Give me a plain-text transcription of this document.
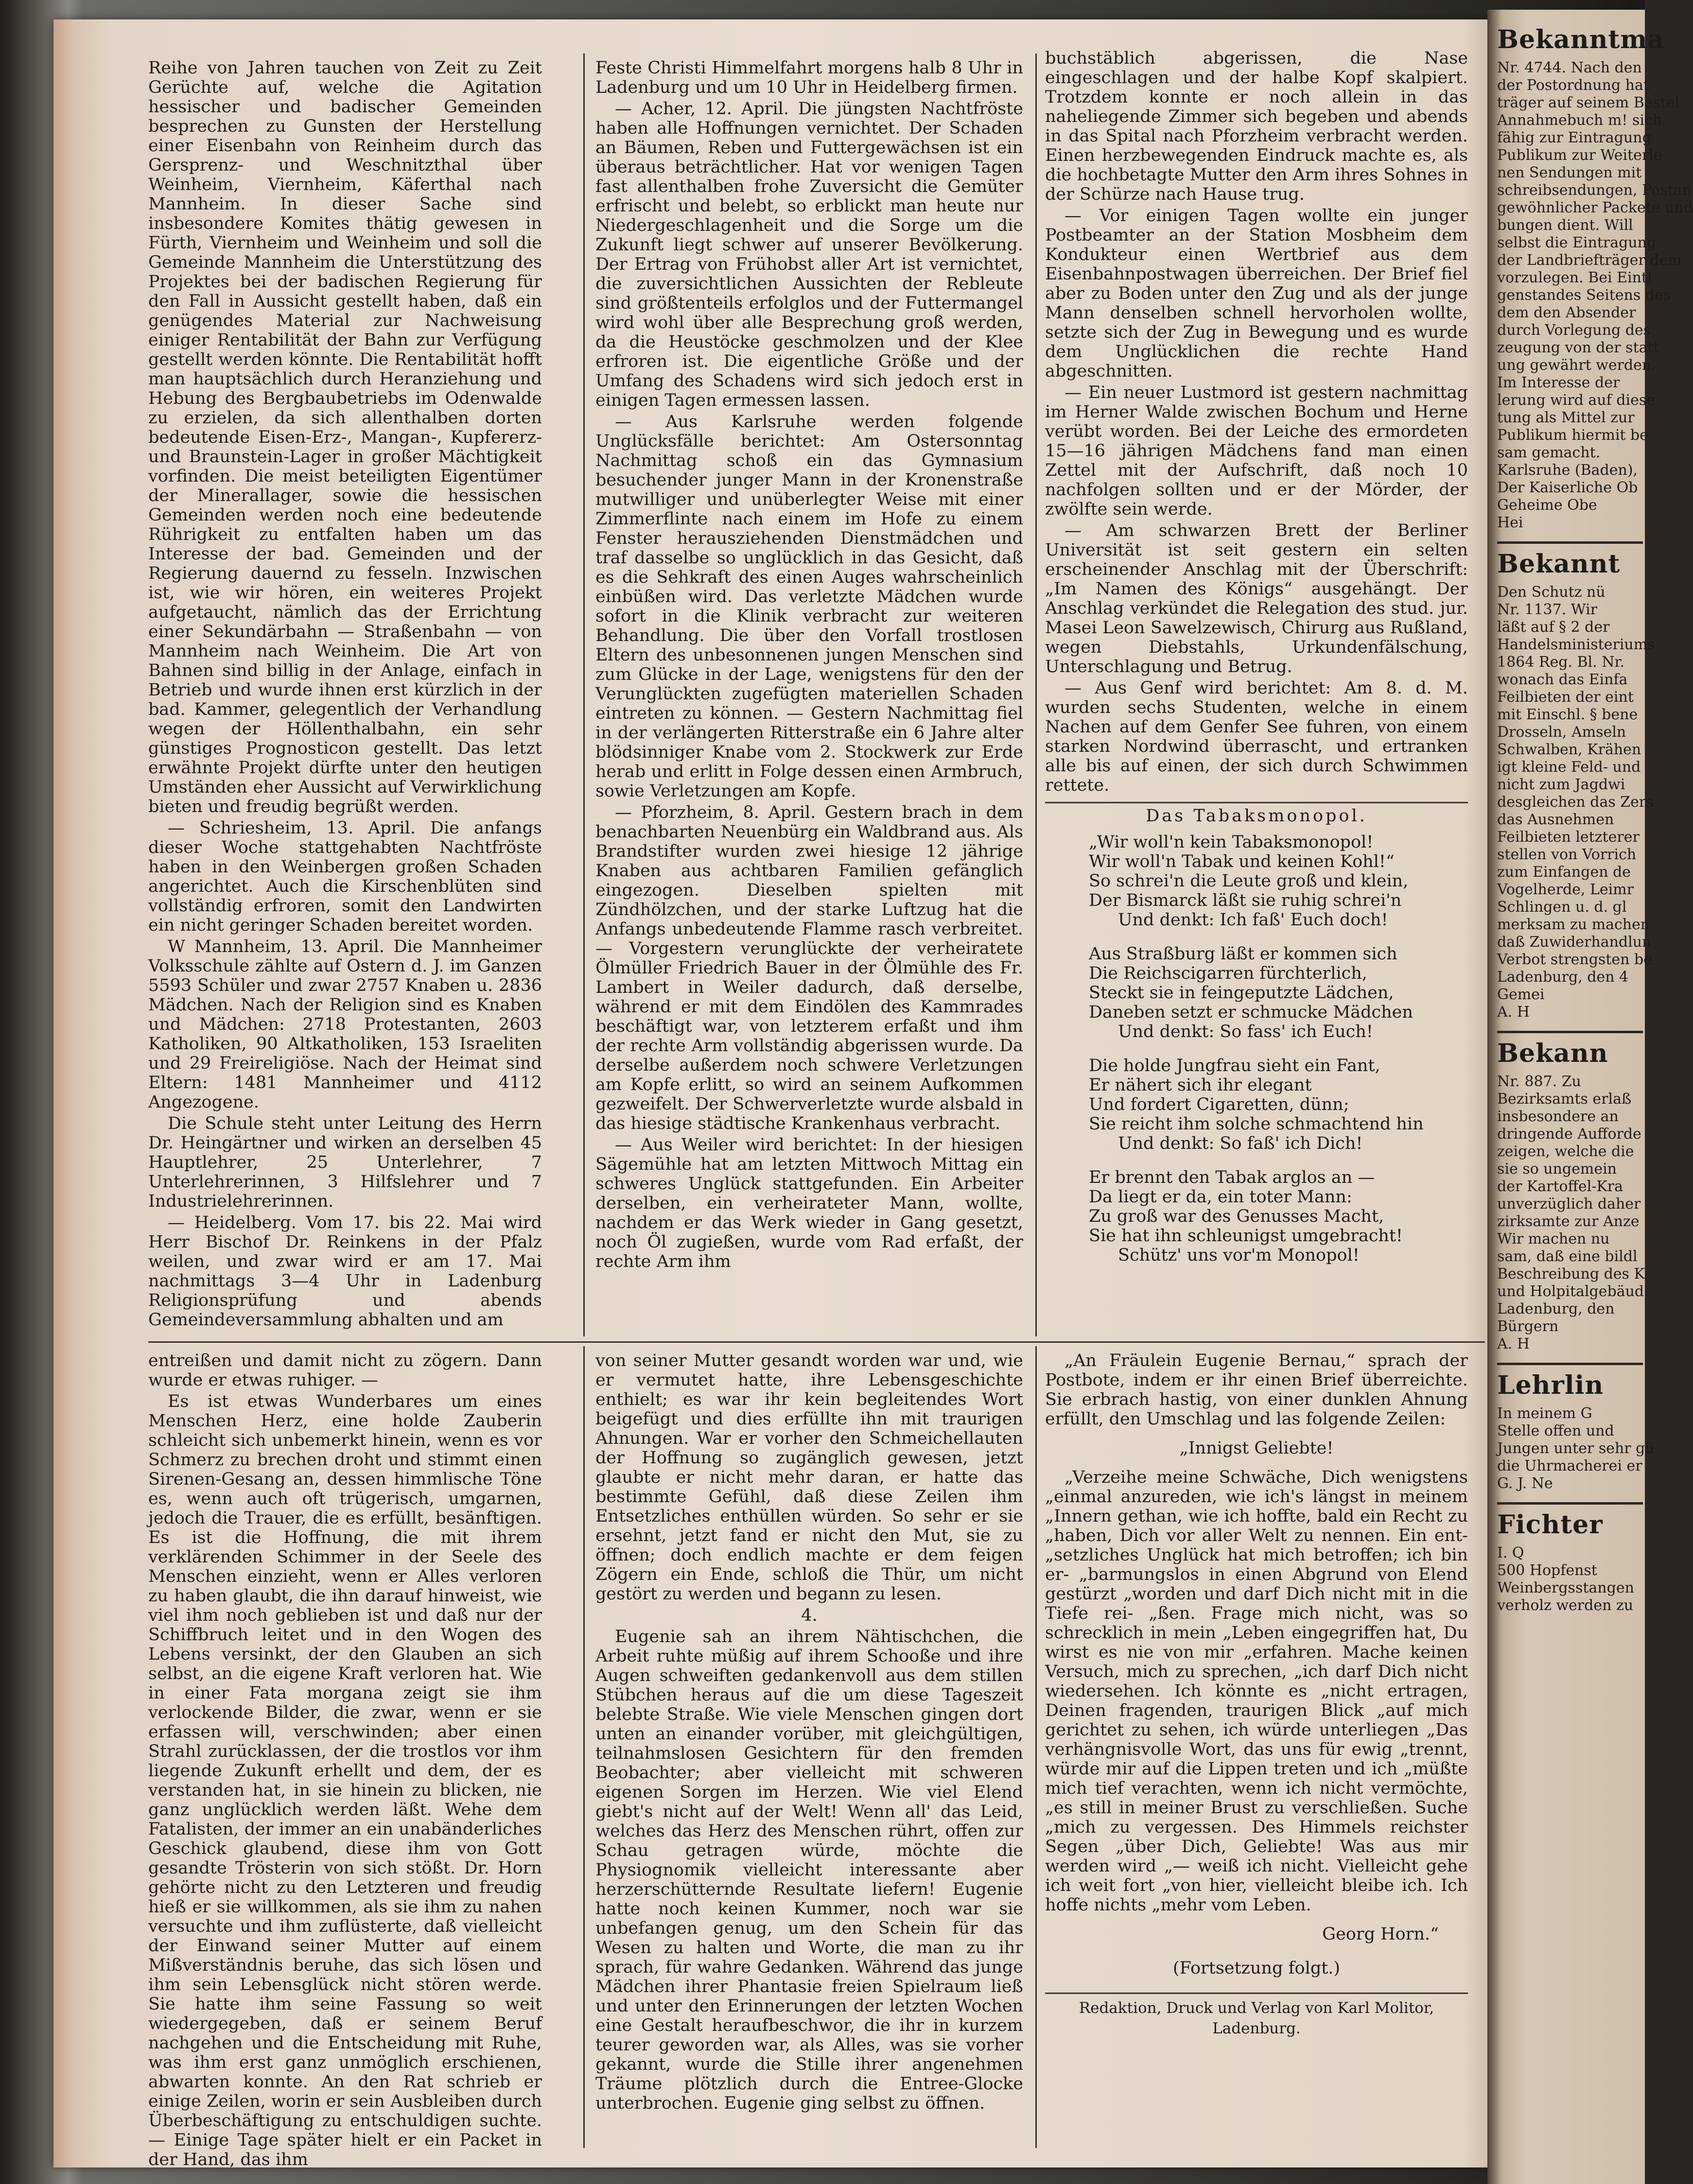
Reihe von Jahren tauchen von Zeit zu Zeit Gerüchte auf, welche die Agitation hessischer und badischer Gemeinden besprechen zu Gunsten der Herstellung einer Eisenbahn von Reinheim durch das Gersprenz- und Weschnitzthal über Weinheim, Viernheim, Käferthal nach Mannheim. In dieser Sache sind insbesondere Komites thätig gewesen in Fürth, Viernheim und Weinheim und soll die Gemeinde Mannheim die Unterstützung des Projektes bei der badischen Regierung für den Fall in Aussicht gestellt haben, daß ein genügendes Material zur Nachweisung einiger Rentabilität der Bahn zur Verfügung gestellt werden könnte. Die Rentabilität hofft man hauptsächlich durch Heranziehung und Hebung des Bergbaubetriebs im Odenwalde zu erzielen, da sich allenthalben dorten bedeutende Eisen-Erz-, Mangan-, Kupfererz- und Braunstein-Lager in großer Mächtigkeit vorfinden. Die meist beteiligten Eigentümer der Minerallager, sowie die hessischen Gemeinden werden noch eine bedeutende Rührigkeit zu entfalten haben um das Interesse der bad. Gemeinden und der Regierung dauernd zu fesseln. Inzwischen ist, wie wir hören, ein weiteres Projekt aufgetaucht, nämlich das der Errichtung einer Sekundärbahn — Straßenbahn — von Mannheim nach Weinheim. Die Art von Bahnen sind billig in der Anlage, einfach in Betrieb und wurde ihnen erst kürzlich in der bad. Kammer, gelegentlich der Verhandlung wegen der Höllenthalbahn, ein sehr günstiges Prognosticon gestellt. Das letzt erwähnte Projekt dürfte unter den heutigen Umständen eher Aussicht auf Verwirklichung bieten und freudig begrüßt werden.

— Schriesheim, 13. April. Die anfangs dieser Woche stattgehabten Nachtfröste haben in den Weinbergen großen Schaden angerichtet. Auch die Kirschenblüten sind vollständig erfroren, somit den Landwirten ein nicht geringer Schaden bereitet worden.

W Mannheim, 13. April. Die Mannheimer Volksschule zählte auf Ostern d. J. im Ganzen 5593 Schüler und zwar 2757 Knaben u. 2836 Mädchen. Nach der Religion sind es Knaben und Mädchen: 2718 Protestanten, 2603 Katholiken, 90 Altkatholiken, 153 Israeliten und 29 Freireligiöse. Nach der Heimat sind Eltern: 1481 Mannheimer und 4112 Angezogene.

Die Schule steht unter Leitung des Herrn Dr. Heingärtner und wirken an derselben 45 Hauptlehrer, 25 Unterlehrer, 7 Unterlehrerinnen, 3 Hilfslehrer und 7 Industrielehrerinnen.

— Heidelberg. Vom 17. bis 22. Mai wird Herr Bischof Dr. Reinkens in der Pfalz weilen, und zwar wird er am 17. Mai nachmittags 3—4 Uhr in Ladenburg Religionsprüfung und abends Gemeindeversammlung abhalten und am

Feste Christi Himmelfahrt morgens halb 8 Uhr in Ladenburg und um 10 Uhr in Heidelberg firmen.

— Acher, 12. April. Die jüngsten Nachtfröste haben alle Hoffnungen vernichtet. Der Schaden an Bäumen, Reben und Futtergewächsen ist ein überaus beträchtlicher. Hat vor wenigen Tagen fast allenthalben frohe Zuversicht die Gemüter erfrischt und belebt, so erblickt man heute nur Niedergeschlagenheit und die Sorge um die Zukunft liegt schwer auf unserer Bevölkerung. Der Ertrag von Frühobst aller Art ist vernichtet, die zuversichtlichen Aussichten der Rebleute sind größtenteils erfolglos und der Futtermangel wird wohl über alle Besprechung groß werden, da die Heustöcke geschmolzen und der Klee erfroren ist. Die eigentliche Größe und der Umfang des Schadens wird sich jedoch erst in einigen Tagen ermessen lassen.

— Aus Karlsruhe werden folgende Unglücksfälle berichtet: Am Ostersonntag Nachmittag schoß ein das Gymnasium besuchender junger Mann in der Kronenstraße mutwilliger und unüberlegter Weise mit einer Zimmerflinte nach einem im Hofe zu einem Fenster herausziehenden Dienstmädchen und traf dasselbe so unglücklich in das Gesicht, daß es die Sehkraft des einen Auges wahrscheinlich einbüßen wird. Das verletzte Mädchen wurde sofort in die Klinik verbracht zur weiteren Behandlung. Die über den Vorfall trostlosen Eltern des unbesonnenen jungen Menschen sind zum Glücke in der Lage, wenigstens für den der Verunglückten zugefügten materiellen Schaden eintreten zu können. — Gestern Nachmittag fiel in der verlängerten Ritterstraße ein 6 Jahre alter blödsinniger Knabe vom 2. Stockwerk zur Erde herab und erlitt in Folge dessen einen Armbruch, sowie Verletzungen am Kopfe.

— Pforzheim, 8. April. Gestern brach in dem benachbarten Neuenbürg ein Waldbrand aus. Als Brandstifter wurden zwei hiesige 12 jährige Knaben aus achtbaren Familien gefänglich eingezogen. Dieselben spielten mit Zündhölzchen, und der starke Luftzug hat die Anfangs unbedeutende Flamme rasch verbreitet. — Vorgestern verunglückte der verheiratete Ölmüller Friedrich Bauer in der Ölmühle des Fr. Lambert in Weiler dadurch, daß derselbe, während er mit dem Eindölen des Kammrades beschäftigt war, von letzterem erfaßt und ihm der rechte Arm vollständig abgerissen wurde. Da derselbe außerdem noch schwere Verletzungen am Kopfe erlitt, so wird an seinem Aufkommen gezweifelt. Der Schwerverletzte wurde alsbald in das hiesige städtische Krankenhaus verbracht.

— Aus Weiler wird berichtet: In der hiesigen Sägemühle hat am letzten Mittwoch Mittag ein schweres Unglück stattgefunden. Ein Arbeiter derselben, ein verheirateter Mann, wollte, nachdem er das Werk wieder in Gang gesetzt, noch Öl zugießen, wurde vom Rad erfaßt, der rechte Arm ihm

buchstäblich abgerissen, die Nase eingeschlagen und der halbe Kopf skalpiert. Trotzdem konnte er noch allein in das naheliegende Zimmer sich begeben und abends in das Spital nach Pforzheim verbracht werden. Einen herzbewegenden Eindruck machte es, als die hochbetagte Mutter den Arm ihres Sohnes in der Schürze nach Hause trug.

— Vor einigen Tagen wollte ein junger Postbeamter an der Station Mosbheim dem Kondukteur einen Wertbrief aus dem Eisenbahnpostwagen überreichen. Der Brief fiel aber zu Boden unter den Zug und als der junge Mann denselben schnell hervorholen wollte, setzte sich der Zug in Bewegung und es wurde dem Unglücklichen die rechte Hand abgeschnitten.

— Ein neuer Lustmord ist gestern nachmittag im Herner Walde zwischen Bochum und Herne verübt worden. Bei der Leiche des ermordeten 15—16 jährigen Mädchens fand man einen Zettel mit der Aufschrift, daß noch 10 nachfolgen sollten und er der Mörder, der zwölfte sein werde.

— Am schwarzen Brett der Berliner Universität ist seit gestern ein selten erscheinender Anschlag mit der Überschrift: „Im Namen des Königs“ ausgehängt. Der Anschlag verkündet die Relegation des stud. jur. Masei Leon Sawelzewisch, Chirurg aus Rußland, wegen Diebstahls, Urkundenfälschung, Unterschlagung und Betrug.

— Aus Genf wird berichtet: Am 8. d. M. wurden sechs Studenten, welche in einem Nachen auf dem Genfer See fuhren, von einem starken Nordwind überrascht, und ertranken alle bis auf einen, der sich durch Schwimmen rettete.

Das Tabaksmonopol.

„Wir woll'n kein Tabaksmonopol!

Wir woll'n Tabak und keinen Kohl!“

So schrei'n die Leute groß und klein,

Der Bismarck läßt sie ruhig schrei'n

Und denkt: Ich faß' Euch doch!

Aus Straßburg läßt er kommen sich

Die Reichscigarren fürchterlich,

Steckt sie in feingeputzte Lädchen,

Daneben setzt er schmucke Mädchen

Und denkt: So fass' ich Euch!

Die holde Jungfrau sieht ein Fant,

Er nähert sich ihr elegant

Und fordert Cigaretten, dünn;

Sie reicht ihm solche schmachtend hin

Und denkt: So faß' ich Dich!

Er brennt den Tabak arglos an —

Da liegt er da, ein toter Mann:

Zu groß war des Genusses Macht,

Sie hat ihn schleunigst umgebracht!

Schütz' uns vor'm Monopol!

entreißen und damit nicht zu zögern. Dann wurde er etwas ruhiger. —

Es ist etwas Wunderbares um eines Menschen Herz, eine holde Zauberin schleicht sich unbemerkt hinein, wenn es vor Schmerz zu brechen droht und stimmt einen Sirenen-Gesang an, dessen himmlische Töne es, wenn auch oft trügerisch, umgarnen, jedoch die Trauer, die es erfüllt, besänftigen. Es ist die Hoffnung, die mit ihrem verklärenden Schimmer in der Seele des Menschen einzieht, wenn er Alles verloren zu haben glaubt, die ihn darauf hinweist, wie viel ihm noch geblieben ist und daß nur der Schiffbruch leitet und in den Wogen des Lebens versinkt, der den Glauben an sich selbst, an die eigene Kraft verloren hat. Wie in einer Fata morgana zeigt sie ihm verlockende Bilder, die zwar, wenn er sie erfassen will, verschwinden; aber einen Strahl zurücklassen, der die trostlos vor ihm liegende Zukunft erhellt und dem, der es verstanden hat, in sie hinein zu blicken, nie ganz unglücklich werden läßt. Wehe dem Fatalisten, der immer an ein unabänderliches Geschick glaubend, diese ihm von Gott gesandte Trösterin von sich stößt. Dr. Horn gehörte nicht zu den Letzteren und freudig hieß er sie willkommen, als sie ihm zu nahen versuchte und ihm zuflüsterte, daß vielleicht der Einwand seiner Mutter auf einem Mißverständnis beruhe, das sich lösen und ihm sein Lebensglück nicht stören werde. Sie hatte ihm seine Fassung so weit wiedergegeben, daß er seinem Beruf nachgehen und die Entscheidung mit Ruhe, was ihm erst ganz unmöglich erschienen, abwarten konnte. An den Rat schrieb er einige Zeilen, worin er sein Ausbleiben durch Überbeschäftigung zu entschuldigen suchte. — Einige Tage später hielt er ein Packet in der Hand, das ihm

von seiner Mutter gesandt worden war und, wie er vermutet hatte, ihre Lebensgeschichte enthielt; es war ihr kein begleitendes Wort beigefügt und dies erfüllte ihn mit traurigen Ahnungen. War er vorher den Schmeichellauten der Hoffnung so zugänglich gewesen, jetzt glaubte er nicht mehr daran, er hatte das bestimmte Gefühl, daß diese Zeilen ihm Entsetzliches enthüllen würden. So sehr er sie ersehnt, jetzt fand er nicht den Mut, sie zu öffnen; doch endlich machte er dem feigen Zögern ein Ende, schloß die Thür, um nicht gestört zu werden und begann zu lesen.

4.

Eugenie sah an ihrem Nähtischchen, die Arbeit ruhte müßig auf ihrem Schooße und ihre Augen schweiften gedankenvoll aus dem stillen Stübchen heraus auf die um diese Tageszeit belebte Straße. Wie viele Menschen gingen dort unten an einander vorüber, mit gleichgültigen, teilnahmslosen Gesichtern für den fremden Beobachter; aber vielleicht mit schweren eigenen Sorgen im Herzen. Wie viel Elend giebt's nicht auf der Welt! Wenn all' das Leid, welches das Herz des Menschen rührt, offen zur Schau getragen würde, möchte die Physiognomik vielleicht interessante aber herzerschütternde Resultate liefern! Eugenie hatte noch keinen Kummer, noch war sie unbefangen genug, um den Schein für das Wesen zu halten und Worte, die man zu ihr sprach, für wahre Gedanken. Während das junge Mädchen ihrer Phantasie freien Spielraum ließ und unter den Erinnerungen der letzten Wochen eine Gestalt heraufbeschwor, die ihr in kurzem teurer geworden war, als Alles, was sie vorher gekannt, wurde die Stille ihrer angenehmen Träume plötzlich durch die Entree-Glocke unterbrochen. Eugenie ging selbst zu öffnen.

„An Fräulein Eugenie Bernau,“ sprach der Postbote, indem er ihr einen Brief überreichte. Sie erbrach hastig, von einer dunklen Ahnung erfüllt, den Umschlag und las folgende Zeilen:

„Innigst Geliebte!

„Verzeihe meine Schwäche, Dich wenigstens „einmal anzureden, wie ich's längst in meinem „Innern gethan, wie ich hoffte, bald ein Recht zu „haben, Dich vor aller Welt zu nennen. Ein ent- „setzliches Unglück hat mich betroffen; ich bin er- „barmungslos in einen Abgrund von Elend gestürzt „worden und darf Dich nicht mit in die Tiefe rei- „ßen. Frage mich nicht, was so schrecklich in mein „Leben eingegriffen hat, Du wirst es nie von mir „erfahren. Mache keinen Versuch, mich zu sprechen, „ich darf Dich nicht wiedersehen. Ich könnte es „nicht ertragen, Deinen fragenden, traurigen Blick „auf mich gerichtet zu sehen, ich würde unterliegen „Das verhängnisvolle Wort, das uns für ewig „trennt, würde mir auf die Lippen treten und ich „müßte mich tief verachten, wenn ich nicht vermöchte, „es still in meiner Brust zu verschließen. Suche „mich zu vergessen. Des Himmels reichster Segen „über Dich, Geliebte! Was aus mir werden wird „— weiß ich nicht. Vielleicht gehe ich weit fort „von hier, vielleicht bleibe ich. Ich hoffe nichts „mehr vom Leben.

Georg Horn.“

(Fortsetzung folgt.)

Redaktion, Druck und Verlag von Karl Molitor,

Ladenburg.

Bekanntma

Nr. 4744. Nach den

der Postordnung hat

träger auf seinem Bestel

Annahmebuch m! sich

fähig zur Eintragung

Publikum zur Weiterle

nen Sendungen mit

schreibsendungen, Postan

gewöhnlicher Packete und

bungen dient. Will

selbst die Eintragung

der Landbriefträger dem

vorzulegen. Bei Einti

genstandes Seitens des

dem den Absender

durch Vorlegung des

zeugung von der statt

ung gewährt werden.

Im Interesse der

lerung wird auf diese

tung als Mittel zur

Publikum hiermit be

sam gemacht.

Karlsruhe (Baden),

Der Kaiserliche Ob

Geheime Obe

Hei

Bekannt

Den Schutz nü

Nr. 1137. Wir

läßt auf § 2 der

Handelsministeriums

1864 Reg. Bl. Nr.

wonach das Einfa

Feilbieten der eint

mit Einschl. § bene

Drosseln, Amseln

Schwalben, Krähen

igt kleine Feld- und

nicht zum Jagdwi

desgleichen das Zers

das Ausnehmen

Feilbieten letzterer

stellen von Vorrich

zum Einfangen de

Vogelherde, Leimr

Schlingen u. d. gl

merksam zu machen

daß Zuwiderhandlun

Verbot strengsten be

Ladenburg, den 4

Gemei

A. H

Bekann

Nr. 887. Zu

Bezirksamts erlaß

insbesondere an

dringende Aufforde

zeigen, welche die

sie so ungemein

der Kartoffel-Kra

unverzüglich daher

zirksamte zur Anze

Wir machen nu

sam, daß eine bildl

Beschreibung des K

und Holpitalgebäud

Ladenburg, den

Bürgern

A. H

Lehrlin

In meinem G

Stelle offen und

Jungen unter sehr gü

die Uhrmacherei er

G. J. Ne

Fichter

I. Q

500 Hopfenst

Weinbergsstangen

verholz werden zu
